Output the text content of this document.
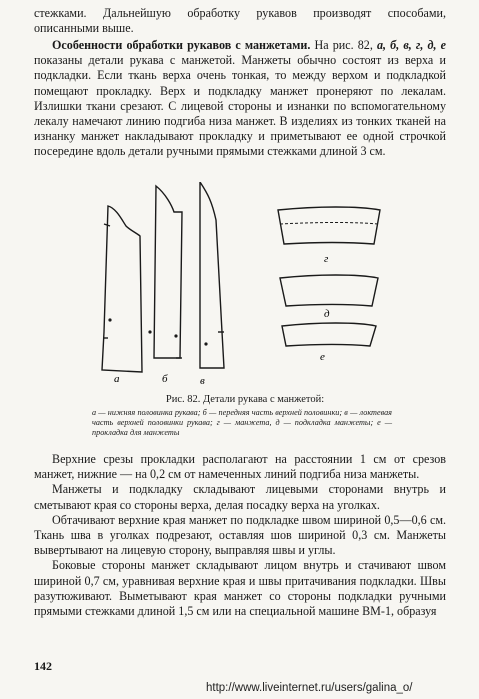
стежками. Дальнейшую обработку рукавов производят способами, описанными выше.

Особенности обработки рукавов с манжетами. На рис. 82, а, б, в, г, д, е показаны детали рукава с манжетой. Манжеты обычно состоят из верха и подкладки. Если ткань верха очень тонкая, то между верхом и подкладкой помещают прокладку. Верх и подкладку манжет пронеряют по лекалам. Излишки ткани срезают. С лицевой стороны и изнанки по вспомогательному лекалу намечают линию подгиба низа манжет. В изделиях из тонких тканей на изнанку манжет накладывают прокладку и приметывают ее одной строчкой посередине вдоль детали ручными прямыми стежками длиной 3 см.

а	б	в
г
д
е
Рис. 82. Детали рукава с манжетой:
а — нижняя половинка рукава; б — передняя часть верхней половинки; в — локтевая часть верхней половинки рукава; г — манжета, д — подкладка манжеты; е — прокладка для манжеты

Верхние срезы прокладки располагают на расстоянии 1 см от срезов манжет, нижние — на 0,2 см от намеченных линий подгиба низа манжеты.

Манжеты и подкладку складывают лицевыми сторонами внутрь и сметывают края со стороны верха, делая посадку верха на уголках.

Обтачивают верхние края манжет по подкладке швом шириной 0,5—0,6 см. Ткань шва в уголках подрезают, оставляя шов шириной 0,3 см. Манжеты вывертывают на лицевую сторону, выправляя швы и углы.

Боковые стороны манжет складывают лицом внутрь и стачивают швом шириной 0,7 см, уравнивая верхние края и швы притачивания подкладки. Швы разутюживают. Выметывают края манжет со стороны подкладки ручными прямыми стежками длиной 1,5 см или на специальной машине ВМ-1, образуя

142
http://www.liveinternet.ru/users/galina_o/
